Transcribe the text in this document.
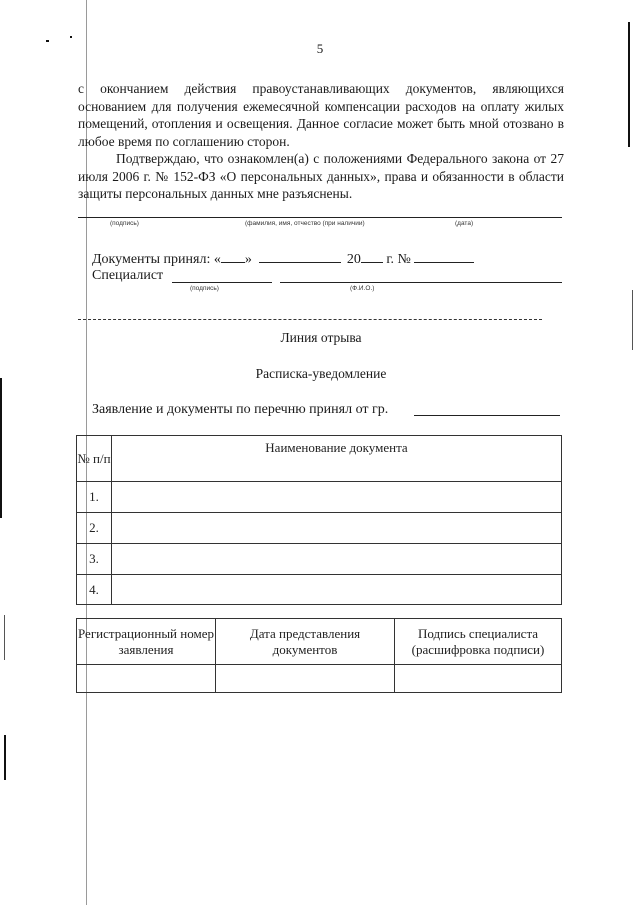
5

с окончанием действия правоустанавливающих документов, являющихся основанием для получения ежемесячной компенсации расходов на оплату жилых помещений, отопления и освещения. Данное согласие может быть мной отозвано в любое время по соглашению сторон.

Подтверждаю, что ознакомлен(а) с положениями Федерального закона от 27 июля 2006 г. № 152-ФЗ «О персональных данных», права и обязанности в области защиты персональных данных мне разъяснены.

(подпись)	(фамилия, имя, отчество (при наличии)	(дата)
Документы принял: « »	20 г. №
Специалист
(подпись)	(Ф.И.О.)
Линия отрыва
Расписка-уведомление
Заявление и документы по перечню принял от гр.
№ п/п	Наименование документа
1.	
2.	
3.	
4.	
Регистрационный номер заявления	Дата представления документов	Подпись специалиста (расшифровка подписи)
